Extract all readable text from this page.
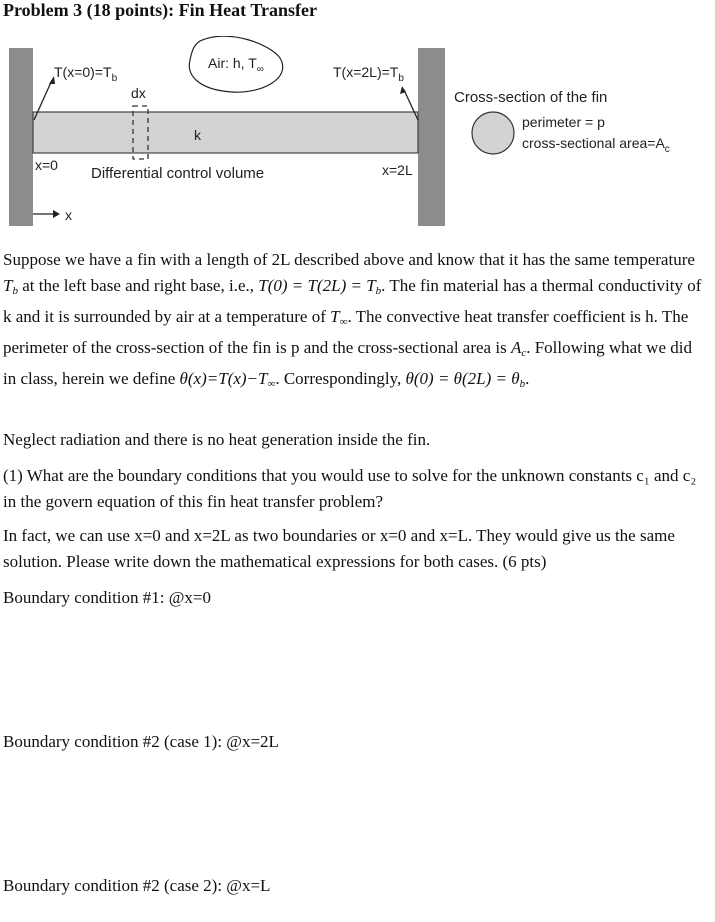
Problem 3 (18 points): Fin Heat Transfer
$T(x=0)=T_b$
Air: h, $T_\infty$	$T(x=2L)=T_b$
dx
k
x=0	x=2L
Differential control volume
x
Cross-section of the fin
perimeter = p
cross-sectional $area=A_c$

Suppose we have a fin with a length of 2L described above and know that it has the same temperature $T_b$ at the left base and right base, i.e., $T(0) = T(2L) = T_b$. The fin material has a thermal conductivity of k and it is surrounded by air at a temperature of $T_\infty$. The convective heat transfer coefficient is h. The perimeter of the cross-section of the fin is p and the cross-sectional area is $A_c$. Following what we did in class, herein we define $\theta(x)=T(x)-T_\infty$. Correspondingly, $\theta(0) = \theta(2L) = \theta_b$.

Neglect radiation and there is no heat generation inside the fin.

(1) What are the boundary conditions that you would use to solve for the unknown constants c₁ and c₂ in the govern equation of this fin heat transfer problem?

In fact, we can use x=0 and x=2L as two boundaries or x=0 and x=L. They would give us the same solution. Please write down the mathematical expressions for both cases. (6 pts)

Boundary condition #1: @x=0

Boundary condition #2 (case 1): @x=2L

Boundary condition #2 (case 2): @x=L
